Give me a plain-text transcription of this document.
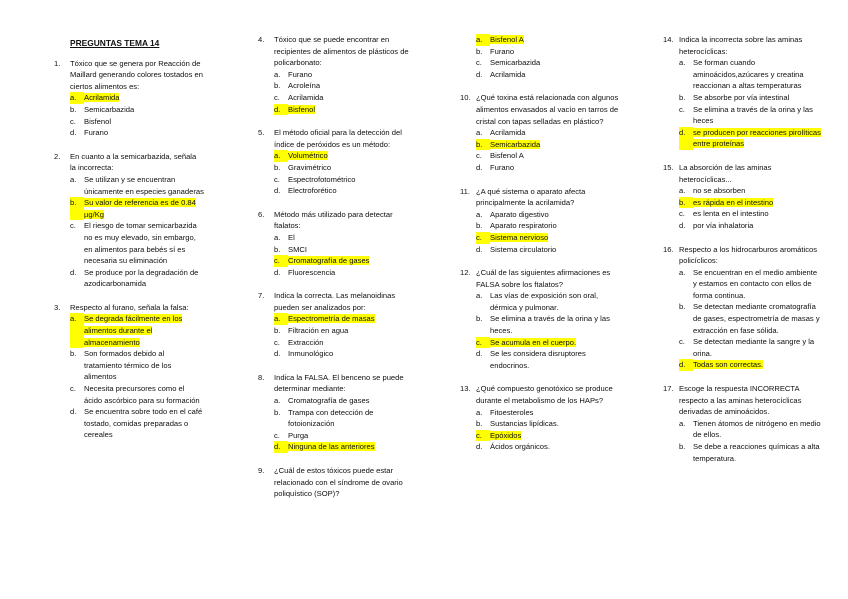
PREGUNTAS TEMA 14
1.	Tóxico que se genera por Reacción de Maillard generando colores tostados en ciertos alimentos es:
a.	Acrilamida
b.	Semicarbazida
c.	Bisfenol
d.	Furano
2.	En cuanto a la semicarbazida, señala la incorrecta:
a.	Se utilizan y se encuentran únicamente en especies ganaderas
b.	Su valor de referencia es de 0.84 µg/Kg
c.	El riesgo de tomar semicarbazida no es muy elevado, sin embargo, en alimentos para bebés sí es necesaria su eliminación
d.	Se produce por la degradación de azodicarbonamida
3.	Respecto al furano, señala la falsa:
a.	Se degrada fácilmente en los alimentos durante el almacenamiento
b.	Son formados debido al tratamiento térmico de los alimentos
c.	Necesita precursores como el ácido ascórbico para su formación
d.	Se encuentra sobre todo en el café tostado, comidas preparadas o cereales
4.	Tóxico que se puede encontrar en recipientes de alimentos de plásticos de policarbonato:
a.	Furano
b.	Acroleína
c.	Acrilamida
d.	Bisfenol
5.	El método oficial para la detección del índice de peróxidos es un método:
a.	Volumétrico
b.	Gravimétrico
c.	Espectrofotométrico
d.	Electroforético
6.	Método más utilizado para detectar ftalatos:
a.	El
b.	SMCI
c.	Cromatografía de gases
d.	Fluorescencia
7.	Indica la correcta. Las melanoidinas pueden ser analizados por:
a.	Espectrometría de masas
b.	Filtración en agua
c.	Extracción
d.	Inmunológico
8.	Indica la FALSA. El benceno se puede determinar mediante:
a.	Cromatografía de gases
b.	Trampa con detección de fotoionización
c.	Purga
d.	Ninguna de las anteriores
9.	¿Cuál de estos tóxicos puede estar relacionado con el síndrome de ovario poliquístico (SOP)?
a.	Bisfenol A
b.	Furano
c.	Semicarbazida
d.	Acrilamida
10. ¿Qué toxina está relacionada con algunos alimentos envasados al vacío en tarros de cristal con tapas selladas en plástico?
a.	Acrilamida
b.	Semicarbazida
c.	Bisfenol A
d.	Furano
11. ¿A qué sistema o aparato afecta principalmente la acrilamida?
a.	Aparato digestivo
b.	Aparato respiratorio
c.	Sistema nervioso
d.	Sistema circulatorio
12. ¿Cuál de las siguientes afirmaciones es FALSA sobre los ftalatos?
a.	Las vías de exposición son oral, dérmica y pulmonar.
b.	Se elimina a través de la orina y las heces.
c.	Se acumula en el cuerpo.
d.	Se les considera disruptores endocrinos.
13. ¿Qué compuesto genotóxico se produce durante el metabolismo de los HAPs?
a.	Fitoesteroles
b.	Sustancias lipídicas.
c.	Epóxidos
d.	Ácidos orgánicos.
14. Indica la incorrecta sobre las aminas heterocíclicas:
a.	Se forman cuando aminoácidos,azúcares y creatina reaccionan a altas temperaturas
b.	Se absorbe por vía intestinal
c.	Se elimina a través de la orina y las heces
d.	se producen por reacciones pirolíticas entre proteínas
15. La absorción de las aminas heterocíclicas...
a.	no se absorben
b.	es rápida en el intestino
c.	es lenta en el intestino
d.	por vía inhalatoria
16. Respecto a los hidrocarburos aromáticos policíclicos:
a.	Se encuentran en el medio ambiente y estamos en contacto con ellos de forma continua.
b.	Se detectan mediante cromatografía de gases, espectrometría de masas y extracción en fase sólida.
c.	Se detectan mediante la sangre y la orina.
d.	Todas son correctas.
17. Escoge la respuesta INCORRECTA respecto a las aminas heterocíclicas derivadas de aminoácidos.
a.	Tienen átomos de nitrógeno en medio de ellos.
b.	Se debe a reacciones químicas a alta temperatura.
